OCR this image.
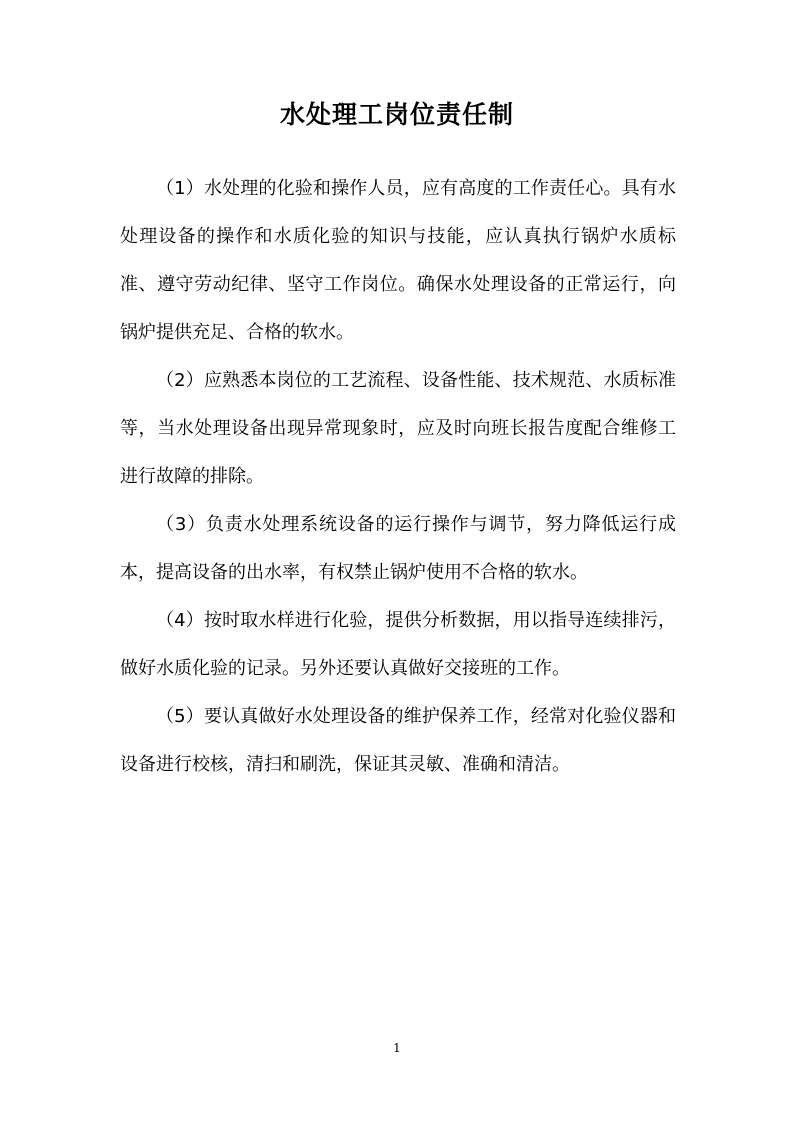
水处理工岗位责任制

（1）水处理的化验和操作人员，应有高度的工作责任心。具有水处理设备的操作和水质化验的知识与技能，应认真执行锅炉水质标准、遵守劳动纪律、坚守工作岗位。确保水处理设备的正常运行，向锅炉提供充足、合格的软水。

（2）应熟悉本岗位的工艺流程、设备性能、技术规范、水质标准等，当水处理设备出现异常现象时，应及时向班长报告度配合维修工进行故障的排除。

（3）负责水处理系统设备的运行操作与调节，努力降低运行成本，提高设备的出水率，有权禁止锅炉使用不合格的软水。

（4）按时取水样进行化验，提供分析数据，用以指导连续排污，做好水质化验的记录。另外还要认真做好交接班的工作。

（5）要认真做好水处理设备的维护保养工作，经常对化验仪器和设备进行校核，清扫和刷洗，保证其灵敏、准确和清洁。

1
